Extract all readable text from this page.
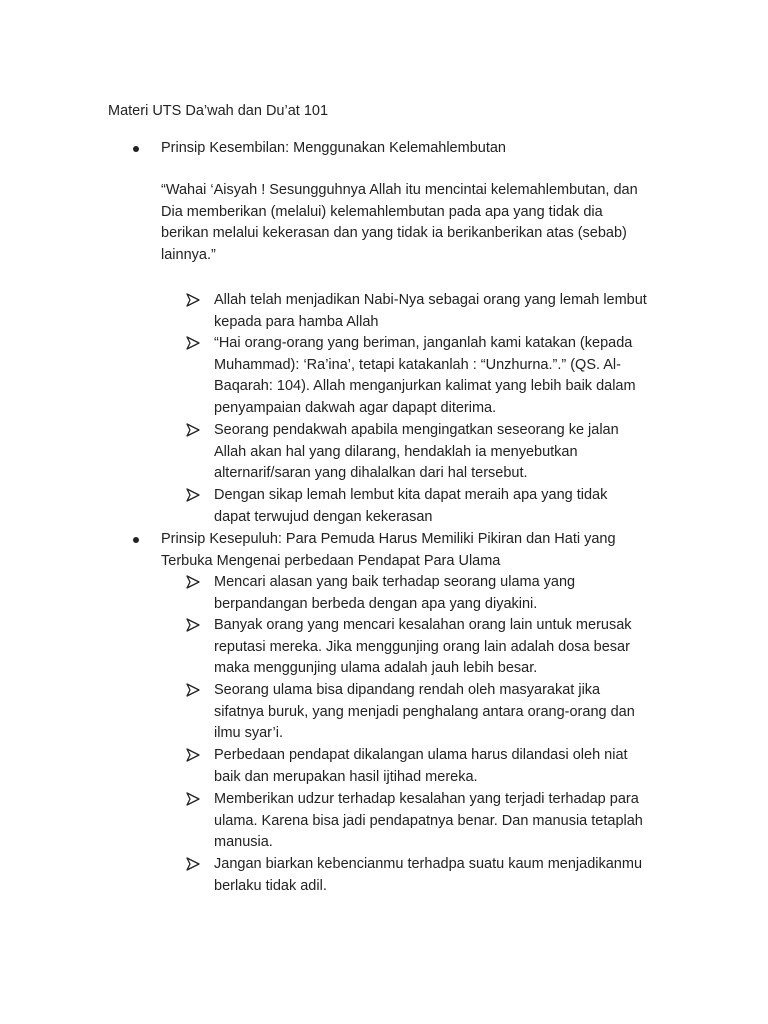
Materi UTS Da’wah dan Du’at 101
Prinsip Kesembilan: Menggunakan Kelemahlembutan
“Wahai ‘Aisyah ! Sesungguhnya Allah itu mencintai kelemahlembutan, dan
Dia memberikan (melalui) kelemahlembutan pada apa yang tidak dia
berikan melalui kekerasan dan yang tidak ia berikanberikan atas (sebab)
lainnya.”
Allah telah menjadikan Nabi-Nya sebagai orang yang lemah lembut
kepada para hamba Allah
“Hai orang-orang yang beriman, janganlah kami katakan (kepada
Muhammad): ‘Ra’ina’, tetapi katakanlah : “Unzhurna.”.” (QS. Al-
Baqarah: 104). Allah menganjurkan kalimat yang lebih baik dalam
penyampaian dakwah agar dapapt diterima.
Seorang pendakwah apabila mengingatkan seseorang ke jalan
Allah akan hal yang dilarang, hendaklah ia menyebutkan
alternarif/saran yang dihalalkan dari hal tersebut.
Dengan sikap lemah lembut kita dapat meraih apa yang tidak
dapat terwujud dengan kekerasan
Prinsip Kesepuluh: Para Pemuda Harus Memiliki Pikiran dan Hati yang
Terbuka Mengenai perbedaan Pendapat Para Ulama
Mencari alasan yang baik terhadap seorang ulama yang
berpandangan berbeda dengan apa yang diyakini.
Banyak orang yang mencari kesalahan orang lain untuk merusak
reputasi mereka. Jika menggunjing orang lain adalah dosa besar
maka menggunjing ulama adalah jauh lebih besar.
Seorang ulama bisa dipandang rendah oleh masyarakat jika
sifatnya buruk, yang menjadi penghalang antara orang-orang dan
ilmu syar’i.
Perbedaan pendapat dikalangan ulama harus dilandasi oleh niat
baik dan merupakan hasil ijtihad mereka.
Memberikan udzur terhadap kesalahan yang terjadi terhadap para
ulama. Karena bisa jadi pendapatnya benar. Dan manusia tetaplah
manusia.
Jangan biarkan kebencianmu terhadpa suatu kaum menjadikanmu
berlaku tidak adil.
